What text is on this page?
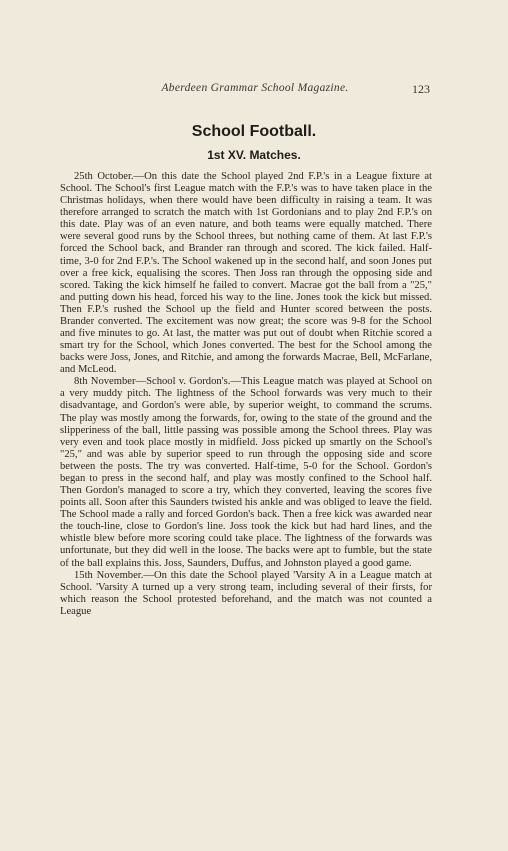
Aberdeen Grammar School Magazine.	123
School Football.
1st XV. Matches.

25th October.—On this date the School played 2nd F.P.'s in a League fixture at School. The School's first League match with the F.P.'s was to have taken place in the Christmas holidays, when there would have been difficulty in raising a team. It was therefore arranged to scratch the match with 1st Gordonians and to play 2nd F.P.'s on this date. Play was of an even nature, and both teams were equally matched. There were several good runs by the School threes, but nothing came of them. At last F.P.'s forced the School back, and Brander ran through and scored. The kick failed. Half-time, 3-0 for 2nd F.P.'s. The School wakened up in the second half, and soon Jones put over a free kick, equalising the scores. Then Joss ran through the opposing side and scored. Taking the kick himself he failed to convert. Macrae got the ball from a "25," and putting down his head, forced his way to the line. Jones took the kick but missed. Then F.P.'s rushed the School up the field and Hunter scored between the posts. Brander converted. The excitement was now great; the score was 9-8 for the School and five minutes to go. At last, the matter was put out of doubt when Ritchie scored a smart try for the School, which Jones converted. The best for the School among the backs were Joss, Jones, and Ritchie, and among the forwards Macrae, Bell, McFarlane, and McLeod.

8th November—School v. Gordon's.—This League match was played at School on a very muddy pitch. The lightness of the School forwards was very much to their disadvantage, and Gordon's were able, by superior weight, to command the scrums. The play was mostly among the forwards, for, owing to the state of the ground and the slipperiness of the ball, little passing was possible among the School threes. Play was very even and took place mostly in midfield. Joss picked up smartly on the School's "25," and was able by superior speed to run through the opposing side and score between the posts. The try was converted. Half-time, 5-0 for the School. Gordon's began to press in the second half, and play was mostly confined to the School half. Then Gordon's managed to score a try, which they converted, leaving the scores five points all. Soon after this Saunders twisted his ankle and was obliged to leave the field. The School made a rally and forced Gordon's back. Then a free kick was awarded near the touch-line, close to Gordon's line. Joss took the kick but had hard lines, and the whistle blew before more scoring could take place. The lightness of the forwards was unfortunate, but they did well in the loose. The backs were apt to fumble, but the state of the ball explains this. Joss, Saunders, Duffus, and Johnston played a good game.

15th November.—On this date the School played 'Varsity A in a League match at School. 'Varsity A turned up a very strong team, including several of their firsts, for which reason the School protested beforehand, and the match was not counted a League
